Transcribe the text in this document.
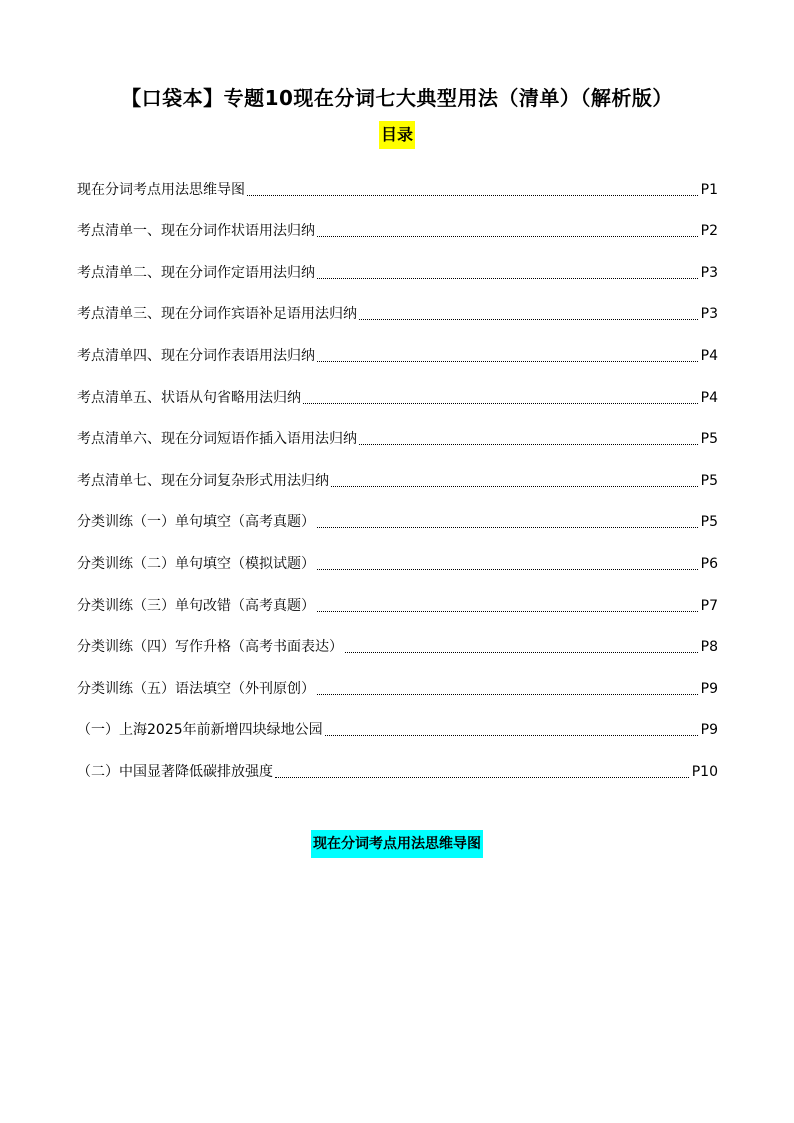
【口袋本】专题10现在分词七大典型用法（清单）（解析版）
目录
现在分词考点用法思维导图	P1
考点清单一、现在分词作状语用法归纳	P2
考点清单二、现在分词作定语用法归纳	P3
考点清单三、现在分词作宾语补足语用法归纳	P3
考点清单四、现在分词作表语用法归纳	P4
考点清单五、状语从句省略用法归纳	P4
考点清单六、现在分词短语作插入语用法归纳	P5
考点清单七、现在分词复杂形式用法归纳	P5
分类训练（一）单句填空（高考真题）	P5
分类训练（二）单句填空（模拟试题）	P6
分类训练（三）单句改错（高考真题）	P7
分类训练（四）写作升格（高考书面表达）	P8
分类训练（五）语法填空（外刊原创）	P9
（一）上海2025年前新增四块绿地公园	P9
（二）中国显著降低碳排放强度	P10
现在分词考点用法思维导图
